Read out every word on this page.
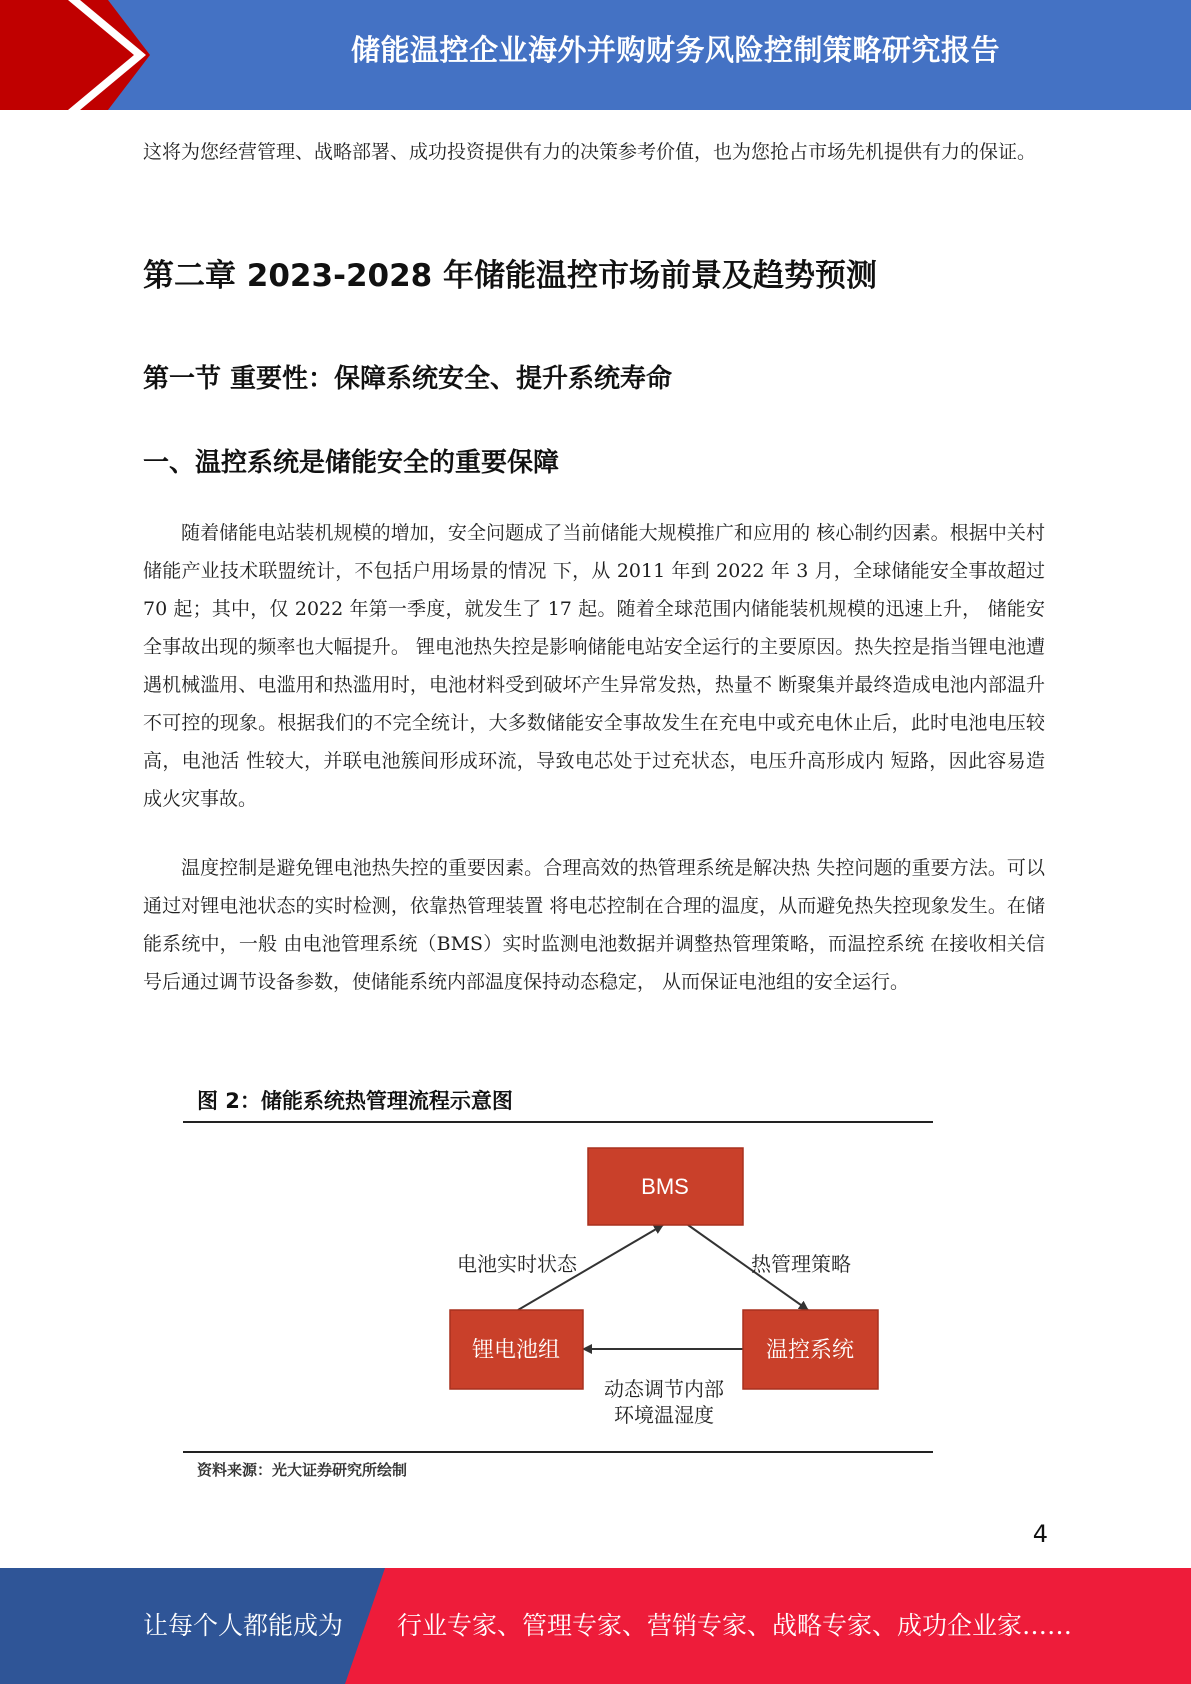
储能温控企业海外并购财务风险控制策略研究报告

这将为您经营管理、战略部署、成功投资提供有力的决策参考价值，也为您抢占市场先机提供有力的保证。

第二章 2023-2028 年储能温控市场前景及趋势预测
第一节 重要性：保障系统安全、提升系统寿命
一、温控系统是储能安全的重要保障

随着储能电站装机规模的增加，安全问题成了当前储能大规模推广和应用的 核心制约因素。根据中关村储能产业技术联盟统计，不包括户用场景的情况 下，从 2011 年到 2022 年 3 月，全球储能安全事故超过 70 起；其中，仅 2022 年第一季度，就发生了 17 起。随着全球范围内储能装机规模的迅速上升， 储能安全事故出现的频率也大幅提升。 锂电池热失控是影响储能电站安全运行的主要原因。热失控是指当锂电池遭 遇机械滥用、电滥用和热滥用时，电池材料受到破坏产生异常发热，热量不 断聚集并最终造成电池内部温升不可控的现象。根据我们的不完全统计，大多数储能安全事故发生在充电中或充电休止后，此时电池电压较高，电池活 性较大，并联电池簇间形成环流，导致电芯处于过充状态，电压升高形成内 短路，因此容易造成火灾事故。

温度控制是避免锂电池热失控的重要因素。合理高效的热管理系统是解决热 失控问题的重要方法。可以通过对锂电池状态的实时检测，依靠热管理装置 将电芯控制在合理的温度，从而避免热失控现象发生。在储能系统中，一般 由电池管理系统（BMS）实时监测电池数据并调整热管理策略，而温控系统 在接收相关信号后通过调节设备参数，使储能系统内部温度保持动态稳定， 从而保证电池组的安全运行。

图 2：储能系统热管理流程示意图
BMS
锂电池组	温控系统
电池实时状态	热管理策略
动态调节内部
环境温湿度
资料来源：光大证券研究所绘制
4
让每个人都能成为 行业专家、管理专家、营销专家、战略专家、成功企业家……
